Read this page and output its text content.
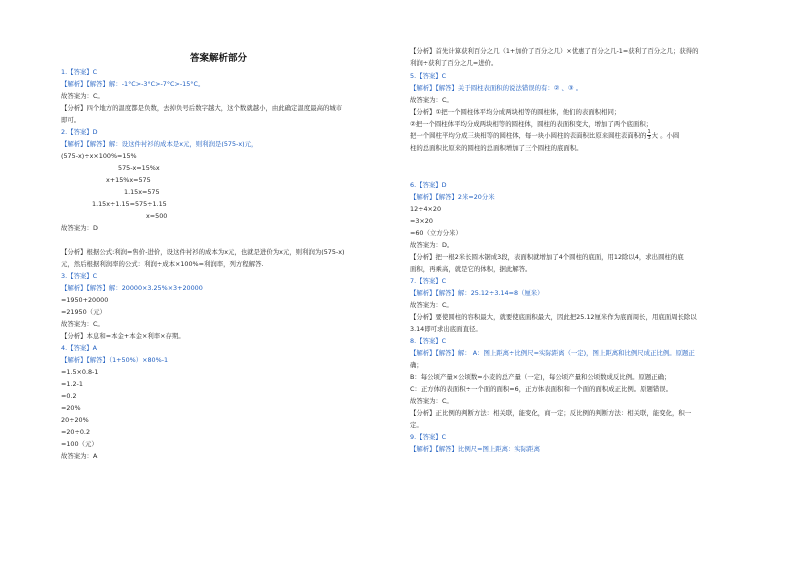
答案解析部分
1.【答案】C
【解析】【解答】解：-1°C>-3°C>-7°C>-15°C。
故答案为：C。
【分析】四个地方的温度都是负数，去掉负号后数字越大，这个数就越小，由此确定温度最高的城市
即可。
2.【答案】D
【解析】【解答】解：设这件衬衫的成本是x元，则利润是(575-x)元，
(575-x)÷x×100%=15%
575-x=15%x
x+15%x=575
1.15x=575
1.15x÷1.15=575÷1.15
x=500
故答案为：D
【分析】根据公式:利润=售价-进价，设这件衬衫的成本为x元，也就是进价为x元，则利润为(575-x)
元，然后根据利润率的公式：利润÷成本×100%=利润率，列方程解答.
3.【答案】C
【解析】【解答】解：20000×3.25%×3+20000
=1950+20000
=21950（元）
故答案为：C。
【分析】本息和=本金+本金×利率×存期。
4.【答案】A
【解析】【解答】（1+50%）×80%-1
=1.5×0.8-1
=1.2-1
=0.2
=20%
20÷20%
=20÷0.2
=100（元）
故答案为：A
【分析】首先计算获利百分之几（1+加价了百分之几）×优惠了百分之几-1=获利了百分之几；获得的
利润÷获利了百分之几=进价。
5.【答案】C
【解析】【解答】关于圆柱表面积的说法错误的有：② 、③ 。
故答案为：C。
【分析】①把一个圆柱体平均分成两块相等的圆柱体，他们的表面积相同；
②把一个圆柱体平均分成两块相等的圆柱体，圆柱的表面积变大，增加了两个底面积；
6.【答案】D
【解析】【解答】2米=20分米
12÷4×20
=3×20
=60（立方分米）
故答案为：D。
【分析】把一根2米长圆木锯成3段，表面积就增加了4个圆柱的底面，用12除以4，求出圆柱的底
面积，再乘高，就是它的体积，据此解答。
7.【答案】C
【解析】【解答】解：25.12÷3.14=8（厘米）
故答案为：C。
【分析】要使圆柱的容积最大，就要使底面积最大，因此把25.12厘米作为底面周长，用底面周长除以
3.14即可求出底面直径。
8.【答案】C
【解析】【解答】解： A：图上距离÷比例尺=实际距离（一定)，图上距离和比例尺成正比例。原题正
确；
B：每公顷产量×公顷数=小麦的总产量（一定)，每公顷产量和公顷数成反比例。原题正确；
C：正方体的表面积÷一个面的面积=6，正方体表面积和一个面的面积成正比例。原题错误。
故答案为：C。
【分析】正比例的判断方法：相关联，能变化，商一定；反比例的判断方法：相关联，能变化，积一
定。
9.【答案】C
【解析】【解答】比例尺=图上距离：实际距离
把一个圆柱平均分成三块相等的圆柱体，每一块小圆柱的表面积比原来圆柱表面积的 $\frac{1}{3}$ 大 。小圆
柱的总面积比原来的圆柱的总面积增加了三个圆柱的底面积。
